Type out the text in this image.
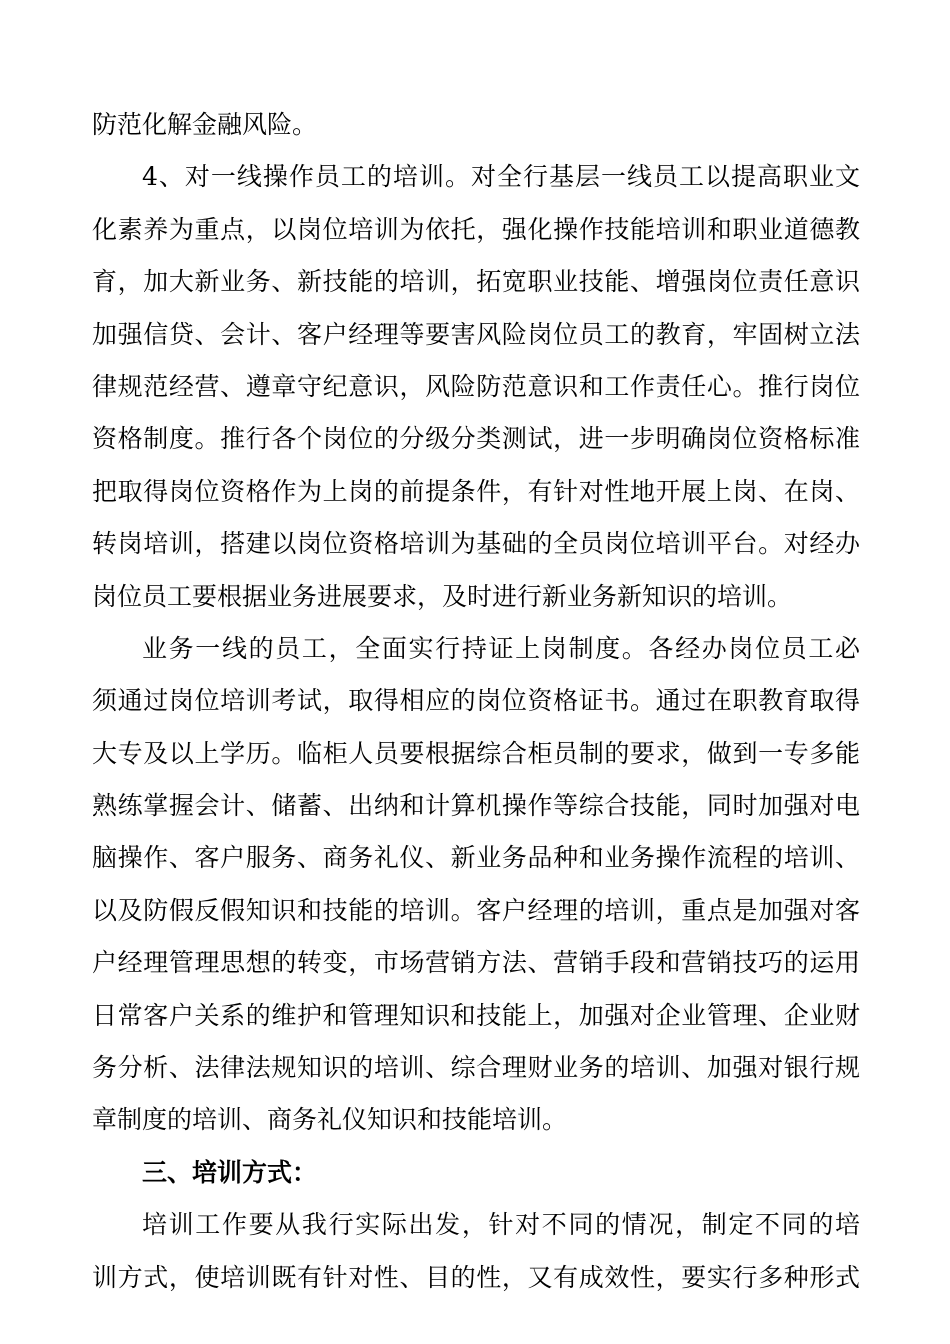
防范化解金融风险。
4、对一线操作员工的培训。对全行基层一线员工以提高职业文
化素养为重点，以岗位培训为依托，强化操作技能培训和职业道德教
育，加大新业务、新技能的培训，拓宽职业技能、增强岗位责任意识
加强信贷、会计、客户经理等要害风险岗位员工的教育，牢固树立法
律规范经营、遵章守纪意识，风险防范意识和工作责任心。推行岗位
资格制度。推行各个岗位的分级分类测试，进一步明确岗位资格标准
把取得岗位资格作为上岗的前提条件，有针对性地开展上岗、在岗、
转岗培训，搭建以岗位资格培训为基础的全员岗位培训平台。对经办
岗位员工要根据业务进展要求，及时进行新业务新知识的培训。
业务一线的员工，全面实行持证上岗制度。各经办岗位员工必
须通过岗位培训考试，取得相应的岗位资格证书。通过在职教育取得
大专及以上学历。临柜人员要根据综合柜员制的要求，做到一专多能
熟练掌握会计、储蓄、出纳和计算机操作等综合技能，同时加强对电
脑操作、客户服务、商务礼仪、新业务品种和业务操作流程的培训、
以及防假反假知识和技能的培训。客户经理的培训，重点是加强对客
户经理管理思想的转变，市场营销方法、营销手段和营销技巧的运用
日常客户关系的维护和管理知识和技能上，加强对企业管理、企业财
务分析、法律法规知识的培训、综合理财业务的培训、加强对银行规
章制度的培训、商务礼仪知识和技能培训。
三、培训方式：
培训工作要从我行实际出发，针对不同的情况，制定不同的培
训方式，使培训既有针对性、目的性，又有成效性，要实行多种形式
